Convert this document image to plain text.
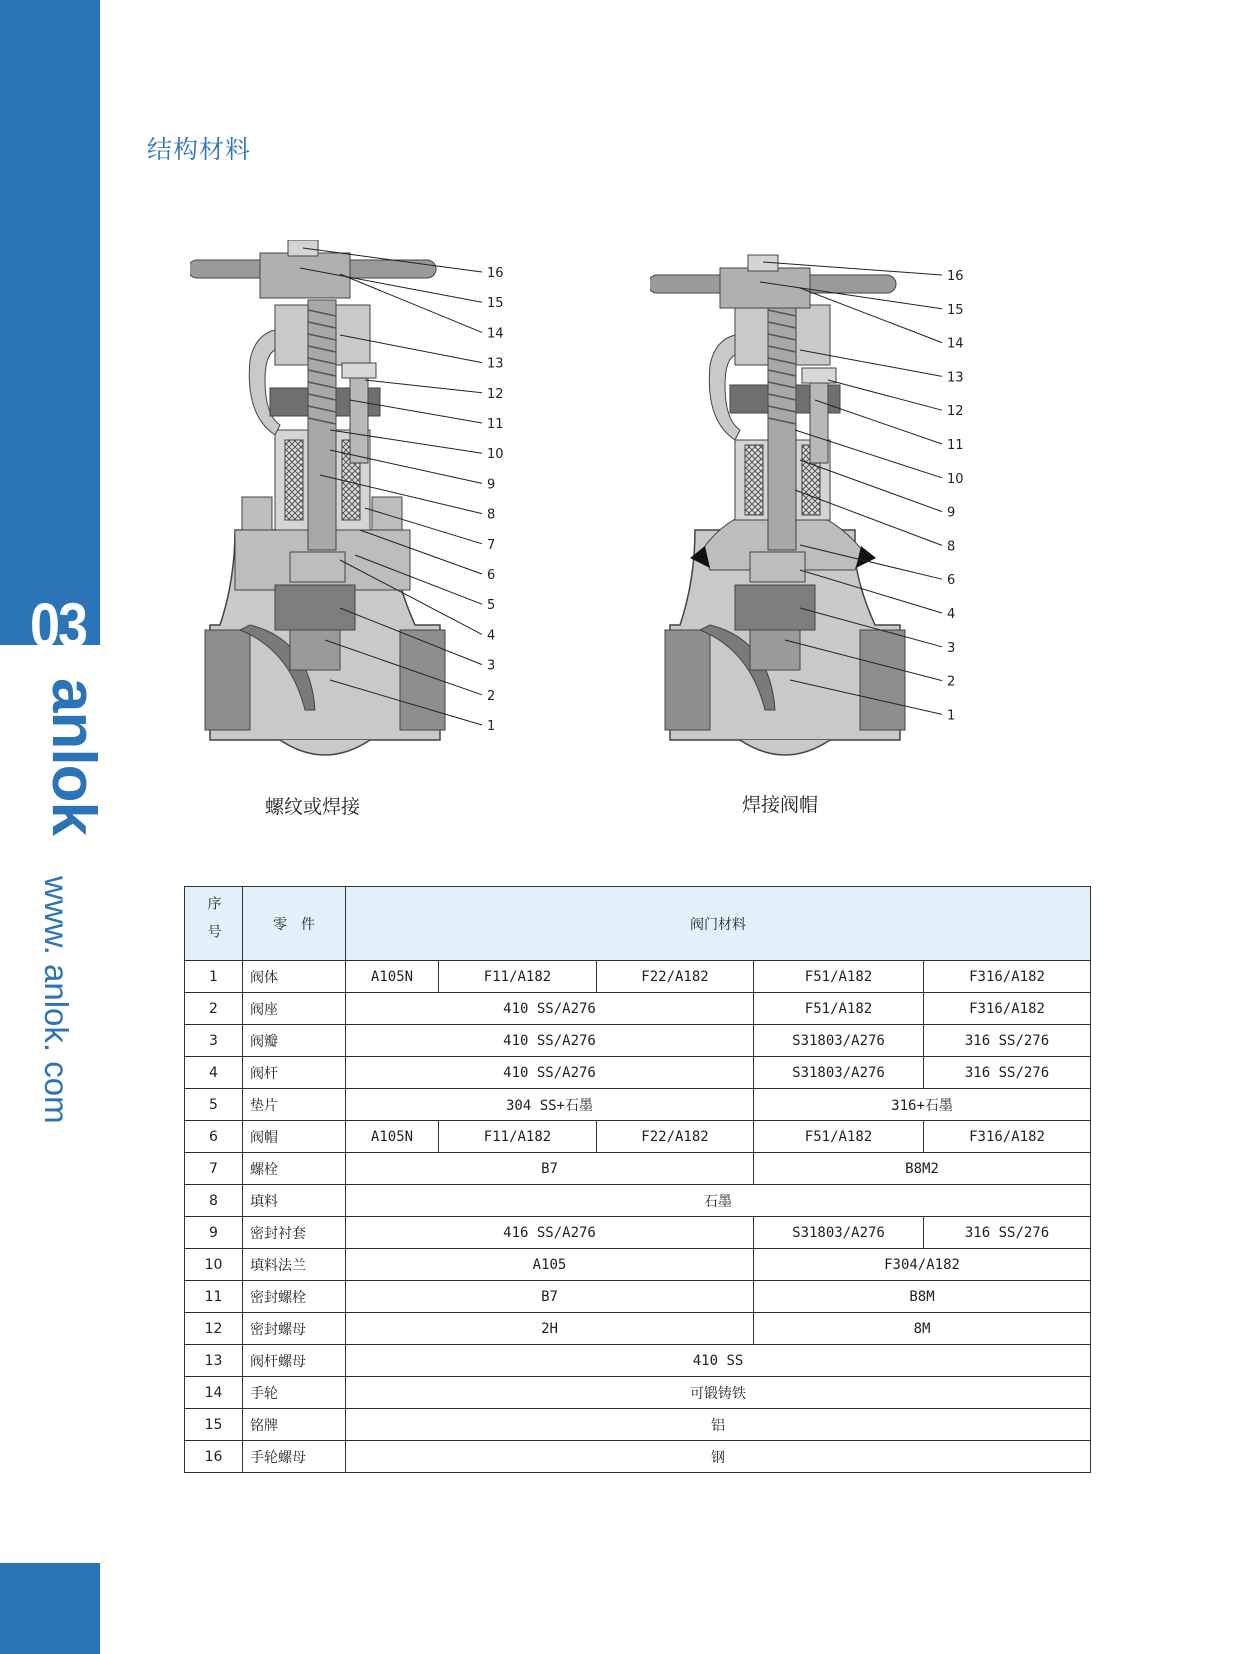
03
anlok
www. anlok. com
结构材料
16
15
14
13
12
11
10
9
8
7
6
5
4
3
2
1
16
15
14
13
12
11
10
9
8
6
4
3
2
1
螺纹或焊接	焊接阀帽
序号	零　件	阀门材料				
1	阀体	A105N	F11/A182	F22/A182	F51/A182	F316/A182
2	阀座	410 SS/A276			F51/A182	F316/A182
3	阀瓣	410 SS/A276			S31803/A276	316 SS/276
4	阀杆	410 SS/A276			S31803/A276	316 SS/276
5	垫片	304 SS+石墨			316+石墨	
6	阀帽	A105N	F11/A182	F22/A182	F51/A182	F316/A182
7	螺栓	B7			B8M2	
8	填料	石墨				
9	密封衬套	416 SS/A276			S31803/A276	316 SS/276
10	填料法兰	A105			F304/A182	
11	密封螺栓	B7			B8M	
12	密封螺母	2H			8M	
13	阀杆螺母	410 SS				
14	手轮	可锻铸铁				
15	铭牌	铝				
16	手轮螺母	钢				
